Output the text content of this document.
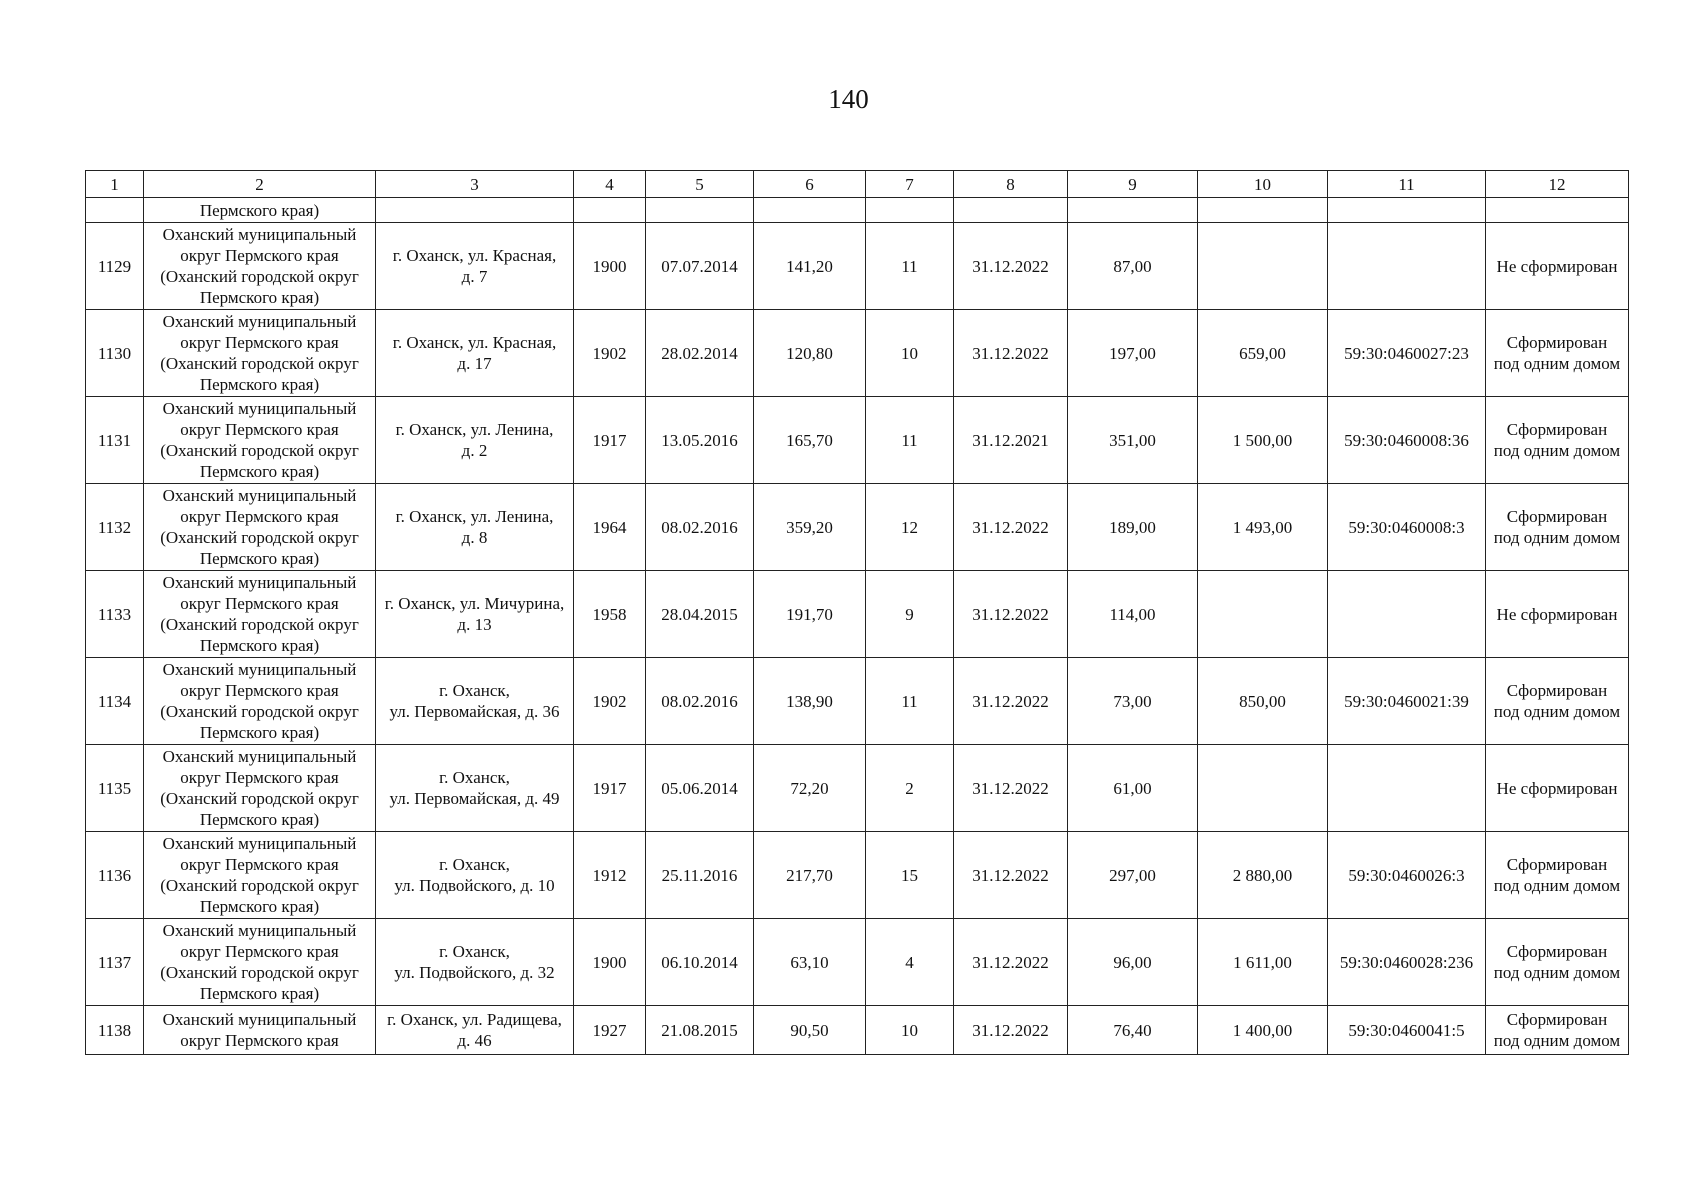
140
1	2	3	4	5	6	7	8	9	10	11	12
	Пермского края)										
1129	Оханский муниципальный округ Пермского края (Оханский городской округ Пермского края)	г. Оханск, ул. Красная,
д. 7	1900	07.07.2014	141,20	11	31.12.2022	87,00			Не сформирован

1130	Оханский муниципальный округ Пермского края (Оханский городской округ Пермского края)	г. Оханск, ул. Красная,
д. 17	1902	28.02.2014	120,80	10	31.12.2022	197,00	659,00	59:30:0460027:23	Сформирован
под одним домом

1131	Оханский муниципальный округ Пермского края (Оханский городской округ Пермского края)	г. Оханск, ул. Ленина,
д. 2	1917	13.05.2016	165,70	11	31.12.2021	351,00	1 500,00	59:30:0460008:36	Сформирован
под одним домом

1132	Оханский муниципальный округ Пермского края (Оханский городской округ Пермского края)	г. Оханск, ул. Ленина,
д. 8	1964	08.02.2016	359,20	12	31.12.2022	189,00	1 493,00	59:30:0460008:3	Сформирован
под одним домом

1133	Оханский муниципальный округ Пермского края (Оханский городской округ Пермского края)	г. Оханск, ул. Мичурина,
д. 13	1958	28.04.2015	191,70	9	31.12.2022	114,00			Не сформирован

1134	Оханский муниципальный округ Пермского края (Оханский городской округ Пермского края)	г. Оханск,
ул. Первомайская, д. 36	1902	08.02.2016	138,90	11	31.12.2022	73,00	850,00	59:30:0460021:39	Сформирован
под одним домом

1135	Оханский муниципальный округ Пермского края (Оханский городской округ Пермского края)	г. Оханск,
ул. Первомайская, д. 49	1917	05.06.2014	72,20	2	31.12.2022	61,00			Не сформирован

1136	Оханский муниципальный округ Пермского края (Оханский городской округ Пермского края)	г. Оханск,
ул. Подвойского, д. 10	1912	25.11.2016	217,70	15	31.12.2022	297,00	2 880,00	59:30:0460026:3	Сформирован
под одним домом

1137	Оханский муниципальный округ Пермского края (Оханский городской округ Пермского края)	г. Оханск,
ул. Подвойского, д. 32	1900	06.10.2014	63,10	4	31.12.2022	96,00	1 611,00	59:30:0460028:236	Сформирован
под одним домом

1138	Оханский муниципальный округ Пермского края	г. Оханск, ул. Радищева,
д. 46	1927	21.08.2015	90,50	10	31.12.2022	76,40	1 400,00	59:30:0460041:5	Сформирован
под одним домом
